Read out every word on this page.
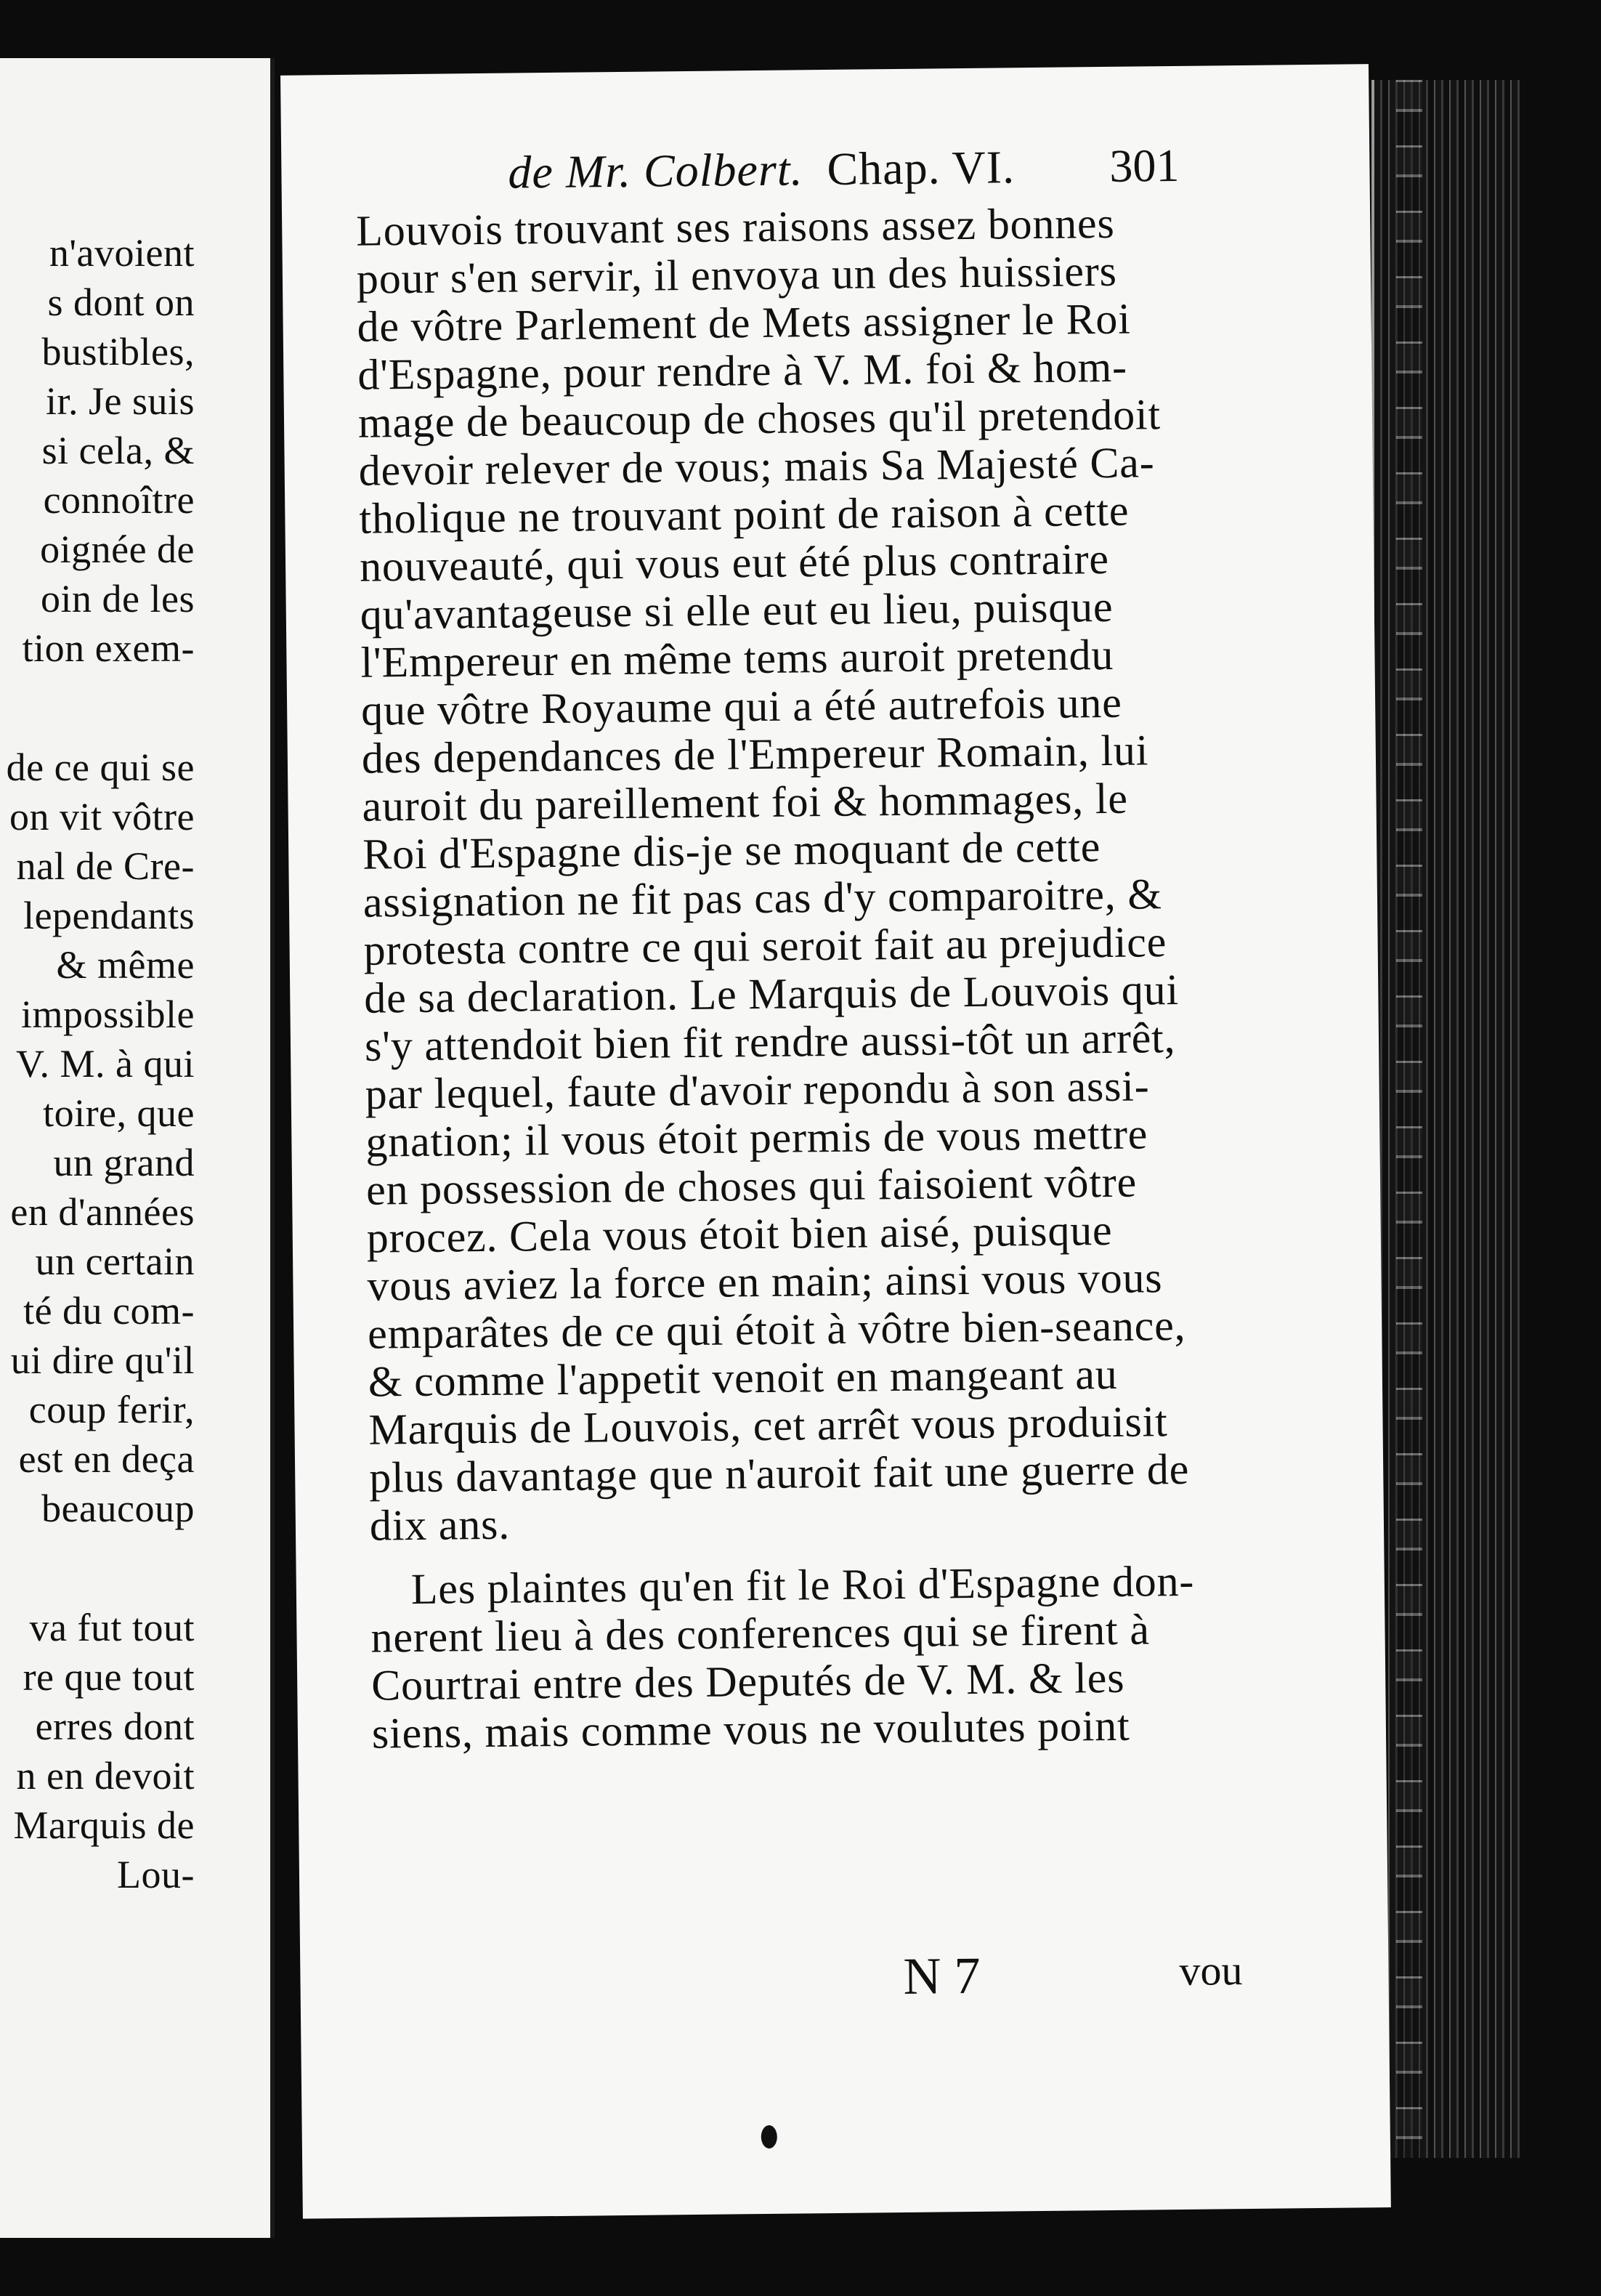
n'avoient
s dont on
bustibles,
ir. Je suis
si cela, &
connoître
oignée de
oin de les
tion exem-
de ce qui se
on vit vôtre
nal de Cre-
lependants
& même
impossible
V. M. à qui
toire, que
un grand
en d'années
un certain
té du com-
ui dire qu'il
coup ferir,
est en deça
beaucoup
va fut tout
re que tout
erres dont
n en devoit
Marquis de
Lou-
de Mr. Colbert. Chap. VI. 301
Louvois trouvant ses raisons assez bonnes
pour s'en servir, il envoya un des huissiers
de vôtre Parlement de Mets assigner le Roi
d'Espagne, pour rendre à V. M. foi & hom-
mage de beaucoup de choses qu'il pretendoit
devoir relever de vous; mais Sa Majesté Ca-
tholique ne trouvant point de raison à cette
nouveauté, qui vous eut été plus contraire
qu'avantageuse si elle eut eu lieu, puisque
l'Empereur en même tems auroit pretendu
que vôtre Royaume qui a été autrefois une
des dependances de l'Empereur Romain, lui
auroit du pareillement foi & hommages, le
Roi d'Espagne dis-je se moquant de cette
assignation ne fit pas cas d'y comparoitre, &
protesta contre ce qui seroit fait au prejudice
de sa declaration. Le Marquis de Louvois qui
s'y attendoit bien fit rendre aussi-tôt un arrêt,
par lequel, faute d'avoir repondu à son assi-
gnation; il vous étoit permis de vous mettre
en possession de choses qui faisoient vôtre
procez. Cela vous étoit bien aisé, puisque
vous aviez la force en main; ainsi vous vous
emparâtes de ce qui étoit à vôtre bien-seance,
& comme l'appetit venoit en mangeant au
Marquis de Louvois, cet arrêt vous produisit
plus davantage que n'auroit fait une guerre de
dix ans.
Les plaintes qu'en fit le Roi d'Espagne don-
nerent lieu à des conferences qui se firent à
Courtrai entre des Deputés de V. M. & les
siens, mais comme vous ne voulutes point
N 7	vou
